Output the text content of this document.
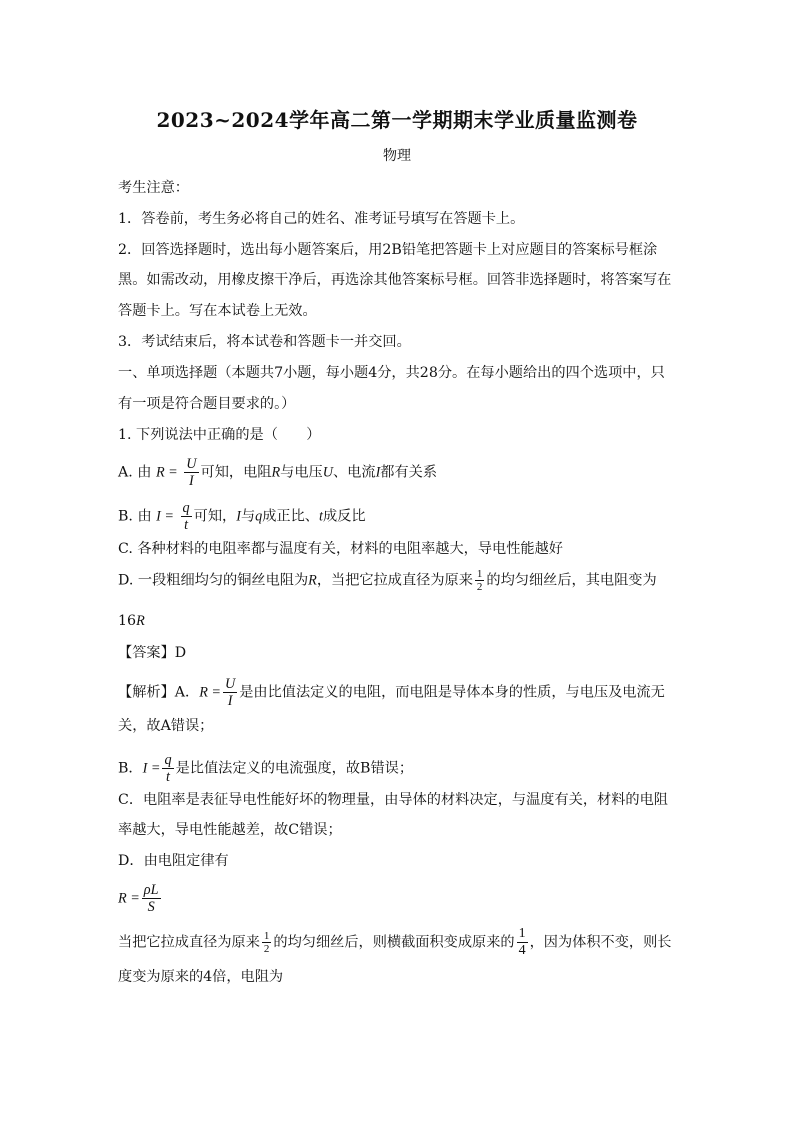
2023~2024学年高二第一学期期末学业质量监测卷
物理
考生注意：
1．答卷前，考生务必将自己的姓名、准考证号填写在答题卡上。
2．回答选择题时，选出每小题答案后，用2B铅笔把答题卡上对应题目的答案标号框涂
黑。如需改动，用橡皮擦干净后，再选涂其他答案标号框。回答非选择题时，将答案写在
答题卡上。写在本试卷上无效。
3．考试结束后，将本试卷和答题卡一并交回。
一、单项选择题（本题共7小题，每小题4分，共28分。在每小题给出的四个选项中，只
有一项是符合题目要求的。）
1. 下列说法中正确的是（　　）
A. 由 $R = \frac{U}{I}$ 可知，电阻R与电压U、电流I都有关系
B. 由 $I = \frac{q}{t}$ 可知，I与q成正比、t成反比
C. 各种材料的电阻率都与温度有关，材料的电阻率越大，导电性能越好
D. 一段粗细均匀的铜丝电阻为R，当把它拉成直径为原来 $\frac{1}{2}$ 的均匀细丝后，其电阻变为
16R
【答案】D
【解析】A．$R = \frac{U}{I}$ 是由比值法定义的电阻，而电阻是导体本身的性质，与电压及电流无
关，故A错误；
B．$I = \frac{q}{t}$ 是比值法定义的电流强度，故B错误；
C．电阻率是表征导电性能好坏的物理量，由导体的材料决定，与温度有关，材料的电阻
率越大，导电性能越差，故C错误；
D．由电阻定律有
$R = \frac{\rho L}{S}$
当把它拉成直径为原来 $\frac{1}{2}$ 的均匀细丝后，则横截面积变成原来的 $\frac{1}{4}$ ，因为体积不变，则长
度变为原来的4倍，电阻为
